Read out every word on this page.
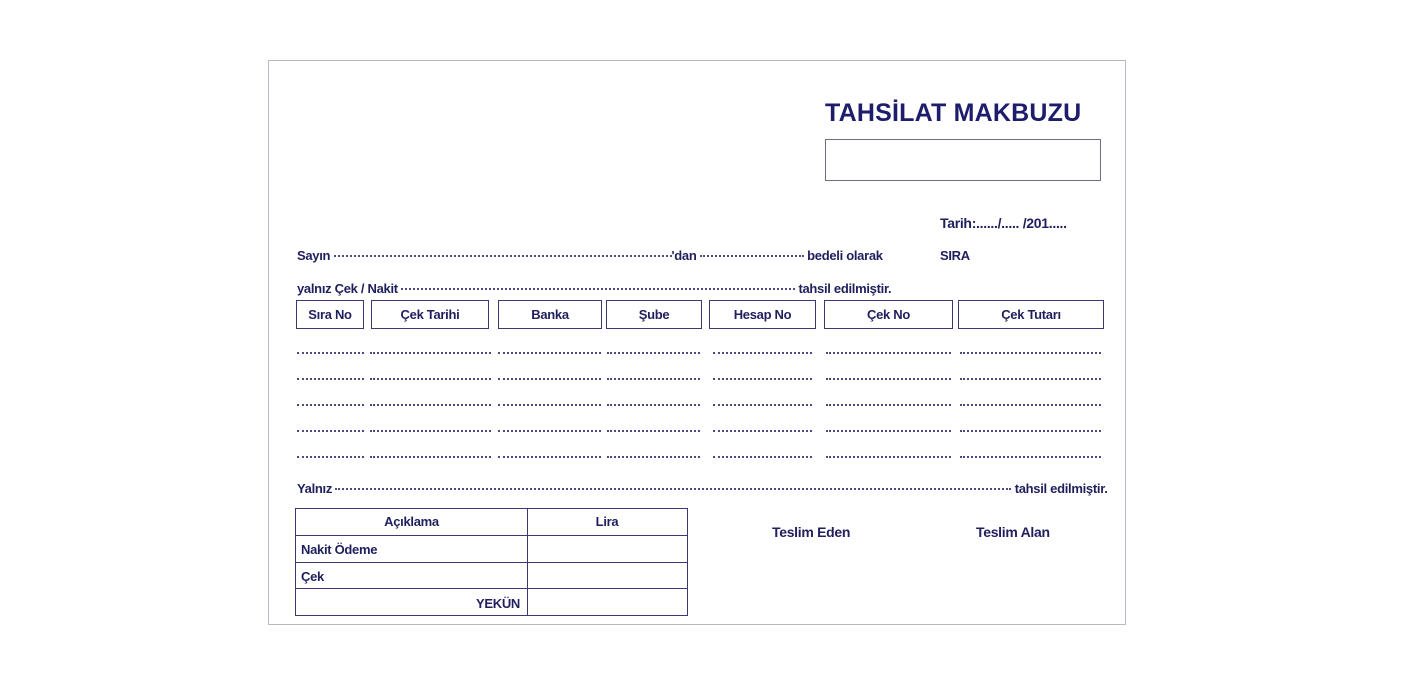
TAHSİLAT MAKBUZU
Tarih:....../..... /201.....
SIRA
Sayın	'dan	bedeli olarak
yalnız Çek / Nakit	tahsil edilmiştir.
Sıra No	Çek Tarihi	Banka	Şube	Hesap No	Çek No	Çek Tutarı
Yalnız	tahsil edilmiştir.
Açıklama	Lira
Nakit Ödeme
Çek
YEKÜN
Teslim Eden	Teslim Alan
